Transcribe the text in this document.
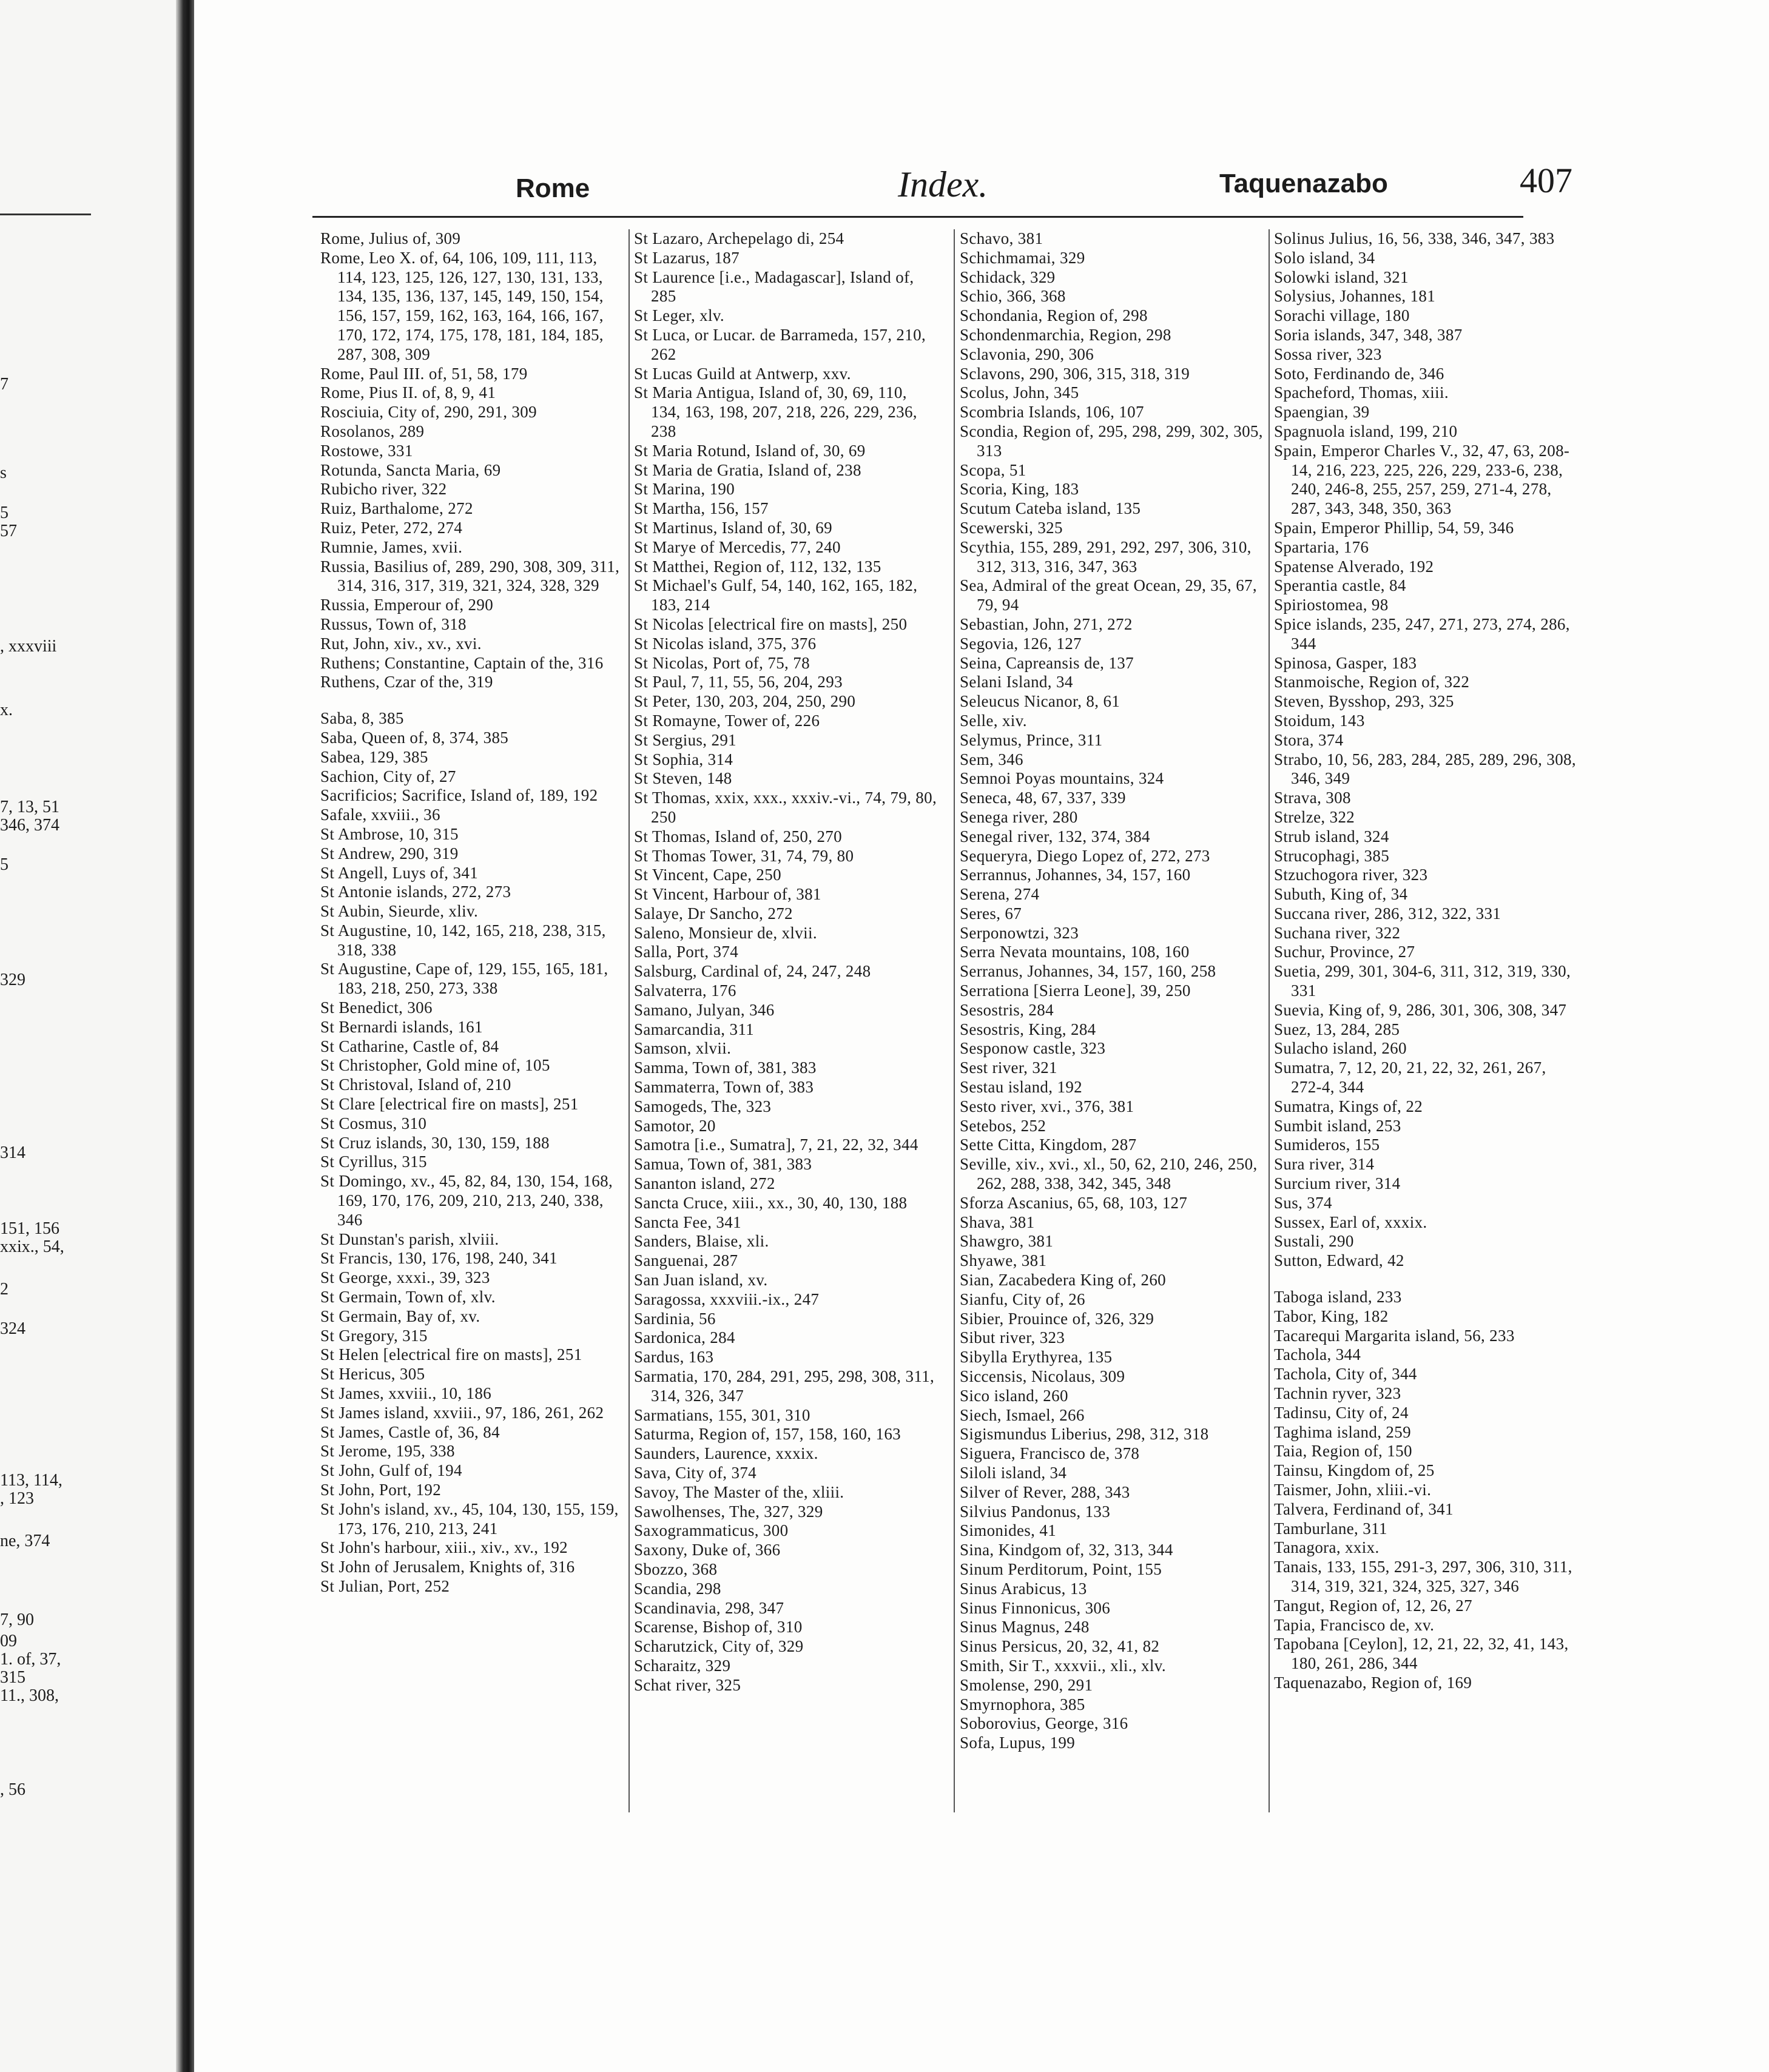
7
s
5
57
, xxxviii
x.
7, 13, 51
346, 374
5
329
314
151, 156
xxix., 54,
2
324
113, 114,
, 123
ne, 374
7, 90
09
1. of, 37,
315
11., 308,
, 56
Rome	Index.	Taquenazabo	407

Rome, Julius of, 309

Rome, Leo X. of, 64, 106, 109, 111, 113, 114, 123, 125, 126, 127, 130, 131, 133, 134, 135, 136, 137, 145, 149, 150, 154, 156, 157, 159, 162, 163, 164, 166, 167, 170, 172, 174, 175, 178, 181, 184, 185, 287, 308, 309

Rome, Paul III. of, 51, 58, 179

Rome, Pius II. of, 8, 9, 41

Rosciuia, City of, 290, 291, 309

Rosolanos, 289

Rostowe, 331

Rotunda, Sancta Maria, 69

Rubicho river, 322

Ruiz, Barthalome, 272

Ruiz, Peter, 272, 274

Rumnie, James, xvii.

Russia, Basilius of, 289, 290, 308, 309, 311, 314, 316, 317, 319, 321, 324, 328, 329

Russia, Emperour of, 290

Russus, Town of, 318

Rut, John, xiv., xv., xvi.

Ruthens; Constantine, Captain of the, 316

Ruthens, Czar of the, 319

Saba, 8, 385

Saba, Queen of, 8, 374, 385

Sabea, 129, 385

Sachion, City of, 27

Sacrificios; Sacrifice, Island of, 189, 192

Safale, xxviii., 36

St Ambrose, 10, 315

St Andrew, 290, 319

St Angell, Luys of, 341

St Antonie islands, 272, 273

St Aubin, Sieurde, xliv.

St Augustine, 10, 142, 165, 218, 238, 315, 318, 338

St Augustine, Cape of, 129, 155, 165, 181, 183, 218, 250, 273, 338

St Benedict, 306

St Bernardi islands, 161

St Catharine, Castle of, 84

St Christopher, Gold mine of, 105

St Christoval, Island of, 210

St Clare [electrical fire on masts], 251

St Cosmus, 310

St Cruz islands, 30, 130, 159, 188

St Cyrillus, 315

St Domingo, xv., 45, 82, 84, 130, 154, 168, 169, 170, 176, 209, 210, 213, 240, 338, 346

St Dunstan's parish, xlviii.

St Francis, 130, 176, 198, 240, 341

St George, xxxi., 39, 323

St Germain, Town of, xlv.

St Germain, Bay of, xv.

St Gregory, 315

St Helen [electrical fire on masts], 251

St Hericus, 305

St James, xxviii., 10, 186

St James island, xxviii., 97, 186, 261, 262

St James, Castle of, 36, 84

St Jerome, 195, 338

St John, Gulf of, 194

St John, Port, 192

St John's island, xv., 45, 104, 130, 155, 159, 173, 176, 210, 213, 241

St John's harbour, xiii., xiv., xv., 192

St John of Jerusalem, Knights of, 316

St Julian, Port, 252

St Lazaro, Archepelago di, 254

St Lazarus, 187

St Laurence [i.e., Madagascar], Island of, 285

St Leger, xlv.

St Luca, or Lucar. de Barrameda, 157, 210, 262

St Lucas Guild at Antwerp, xxv.

St Maria Antigua, Island of, 30, 69, 110, 134, 163, 198, 207, 218, 226, 229, 236, 238

St Maria Rotund, Island of, 30, 69

St Maria de Gratia, Island of, 238

St Marina, 190

St Martha, 156, 157

St Martinus, Island of, 30, 69

St Marye of Mercedis, 77, 240

St Matthei, Region of, 112, 132, 135

St Michael's Gulf, 54, 140, 162, 165, 182, 183, 214

St Nicolas [electrical fire on masts], 250

St Nicolas island, 375, 376

St Nicolas, Port of, 75, 78

St Paul, 7, 11, 55, 56, 204, 293

St Peter, 130, 203, 204, 250, 290

St Romayne, Tower of, 226

St Sergius, 291

St Sophia, 314

St Steven, 148

St Thomas, xxix, xxx., xxxiv.-vi., 74, 79, 80, 250

St Thomas, Island of, 250, 270

St Thomas Tower, 31, 74, 79, 80

St Vincent, Cape, 250

St Vincent, Harbour of, 381

Salaye, Dr Sancho, 272

Saleno, Monsieur de, xlvii.

Salla, Port, 374

Salsburg, Cardinal of, 24, 247, 248

Salvaterra, 176

Samano, Julyan, 346

Samarcandia, 311

Samson, xlvii.

Samma, Town of, 381, 383

Sammaterra, Town of, 383

Samogeds, The, 323

Samotor, 20

Samotra [i.e., Sumatra], 7, 21, 22, 32, 344

Samua, Town of, 381, 383

Sananton island, 272

Sancta Cruce, xiii., xx., 30, 40, 130, 188

Sancta Fee, 341

Sanders, Blaise, xli.

Sanguenai, 287

San Juan island, xv.

Saragossa, xxxviii.-ix., 247

Sardinia, 56

Sardonica, 284

Sardus, 163

Sarmatia, 170, 284, 291, 295, 298, 308, 311, 314, 326, 347

Sarmatians, 155, 301, 310

Saturma, Region of, 157, 158, 160, 163

Saunders, Laurence, xxxix.

Sava, City of, 374

Savoy, The Master of the, xliii.

Sawolhenses, The, 327, 329

Saxogrammaticus, 300

Saxony, Duke of, 366

Sbozzo, 368

Scandia, 298

Scandinavia, 298, 347

Scarense, Bishop of, 310

Scharutzick, City of, 329

Scharaitz, 329

Schat river, 325

Schavo, 381

Schichmamai, 329

Schidack, 329

Schio, 366, 368

Schondania, Region of, 298

Schondenmarchia, Region, 298

Sclavonia, 290, 306

Sclavons, 290, 306, 315, 318, 319

Scolus, John, 345

Scombria Islands, 106, 107

Scondia, Region of, 295, 298, 299, 302, 305, 313

Scopa, 51

Scoria, King, 183

Scutum Cateba island, 135

Scewerski, 325

Scythia, 155, 289, 291, 292, 297, 306, 310, 312, 313, 316, 347, 363

Sea, Admiral of the great Ocean, 29, 35, 67, 79, 94

Sebastian, John, 271, 272

Segovia, 126, 127

Seina, Capreansis de, 137

Selani Island, 34

Seleucus Nicanor, 8, 61

Selle, xiv.

Selymus, Prince, 311

Sem, 346

Semnoi Poyas mountains, 324

Seneca, 48, 67, 337, 339

Senega river, 280

Senegal river, 132, 374, 384

Sequeryra, Diego Lopez of, 272, 273

Serrannus, Johannes, 34, 157, 160

Serena, 274

Seres, 67

Serponowtzi, 323

Serra Nevata mountains, 108, 160

Serranus, Johannes, 34, 157, 160, 258

Serrationa [Sierra Leone], 39, 250

Sesostris, 284

Sesostris, King, 284

Sesponow castle, 323

Sest river, 321

Sestau island, 192

Sesto river, xvi., 376, 381

Setebos, 252

Sette Citta, Kingdom, 287

Seville, xiv., xvi., xl., 50, 62, 210, 246, 250, 262, 288, 338, 342, 345, 348

Sforza Ascanius, 65, 68, 103, 127

Shava, 381

Shawgro, 381

Shyawe, 381

Sian, Zacabedera King of, 260

Sianfu, City of, 26

Sibier, Prouince of, 326, 329

Sibut river, 323

Sibylla Erythyrea, 135

Siccensis, Nicolaus, 309

Sico island, 260

Siech, Ismael, 266

Sigismundus Liberius, 298, 312, 318

Siguera, Francisco de, 378

Siloli island, 34

Silver of Rever, 288, 343

Silvius Pandonus, 133

Simonides, 41

Sina, Kindgom of, 32, 313, 344

Sinum Perditorum, Point, 155

Sinus Arabicus, 13

Sinus Finnonicus, 306

Sinus Magnus, 248

Sinus Persicus, 20, 32, 41, 82

Smith, Sir T., xxxvii., xli., xlv.

Smolense, 290, 291

Smyrnophora, 385

Soborovius, George, 316

Sofa, Lupus, 199

Solinus Julius, 16, 56, 338, 346, 347, 383

Solo island, 34

Solowki island, 321

Solysius, Johannes, 181

Sorachi village, 180

Soria islands, 347, 348, 387

Sossa river, 323

Soto, Ferdinando de, 346

Spacheford, Thomas, xiii.

Spaengian, 39

Spagnuola island, 199, 210

Spain, Emperor Charles V., 32, 47, 63, 208-14, 216, 223, 225, 226, 229, 233-6, 238, 240, 246-8, 255, 257, 259, 271-4, 278, 287, 343, 348, 350, 363

Spain, Emperor Phillip, 54, 59, 346

Spartaria, 176

Spatense Alverado, 192

Sperantia castle, 84

Spiriostomea, 98

Spice islands, 235, 247, 271, 273, 274, 286, 344

Spinosa, Gasper, 183

Stanmoische, Region of, 322

Steven, Bysshop, 293, 325

Stoidum, 143

Stora, 374

Strabo, 10, 56, 283, 284, 285, 289, 296, 308, 346, 349

Strava, 308

Strelze, 322

Strub island, 324

Strucophagi, 385

Stzuchogora river, 323

Subuth, King of, 34

Succana river, 286, 312, 322, 331

Suchana river, 322

Suchur, Province, 27

Suetia, 299, 301, 304-6, 311, 312, 319, 330, 331

Suevia, King of, 9, 286, 301, 306, 308, 347

Suez, 13, 284, 285

Sulacho island, 260

Sumatra, 7, 12, 20, 21, 22, 32, 261, 267, 272-4, 344

Sumatra, Kings of, 22

Sumbit island, 253

Sumideros, 155

Sura river, 314

Surcium river, 314

Sus, 374

Sussex, Earl of, xxxix.

Sustali, 290

Sutton, Edward, 42

Taboga island, 233

Tabor, King, 182

Tacarequi Margarita island, 56, 233

Tachola, 344

Tachola, City of, 344

Tachnin ryver, 323

Tadinsu, City of, 24

Taghima island, 259

Taia, Region of, 150

Tainsu, Kingdom of, 25

Taismer, John, xliii.-vi.

Talvera, Ferdinand of, 341

Tamburlane, 311

Tanagora, xxix.

Tanais, 133, 155, 291-3, 297, 306, 310, 311, 314, 319, 321, 324, 325, 327, 346

Tangut, Region of, 12, 26, 27

Tapia, Francisco de, xv.

Tapobana [Ceylon], 12, 21, 22, 32, 41, 143, 180, 261, 286, 344

Taquenazabo, Region of, 169
